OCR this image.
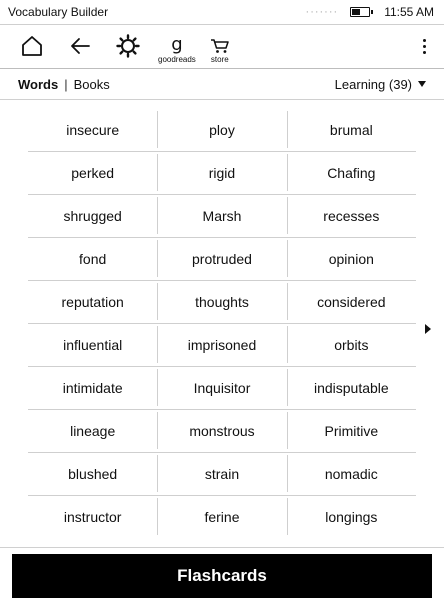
Vocabulary Builder	·······	11:55 AM
g
goodreads store
Words | Books	Learning (39)
insecure	ploy	brumal
perked	rigid	Chafing
shrugged	Marsh	recesses
fond	protruded	opinion
reputation	thoughts	considered
influential	imprisoned	orbits
intimidate	Inquisitor	indisputable
lineage	monstrous	Primitive
blushed	strain	nomadic
instructor	ferine	longings
Flashcards
